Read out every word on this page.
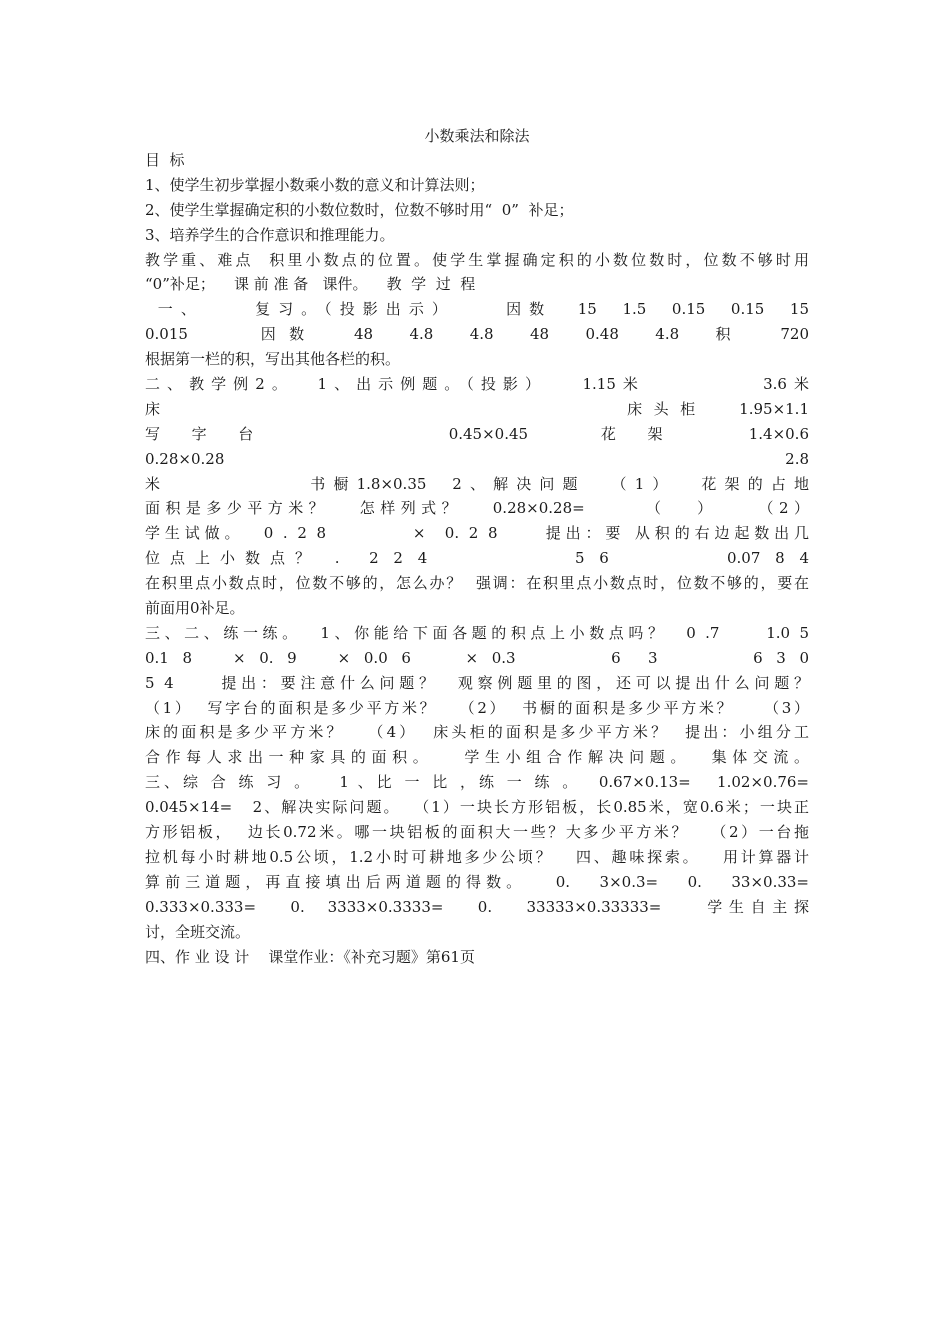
小数乘法和除法
目  标
1、使学生初步掌握小数乘小数的意义和计算法则；
2、使学生掌握确定积的小数位数时，位数不够时用“  0”  补足；
3、培养学生的合作意识和推理能力。
教学重、难点  积里小数点的位置。使学生掌握确定积的小数位数时，位数不够时用
“0”补足；    课 前 准 备   课件。    教  学  过  程
一、    复习。（投影出示）    因数  15  1.5  0.15  0.15  15
0.015    因数  48  4.8  4.8  48  0.48  4.8  积  720
根据第一栏的积，写出其他各栏的积。
二、教学例2。  1、出示例题。（投影）   1.15米          3.6米
床                            床头柜  1.95×1.1
写 字 台          0.45×0.45    花 架    1.4×0.6
0.28×0.28                               2.8
米           书橱1.8×0.35  2、解决问题  （1）  花架的占地
面积是多少平方米？   怎样列式？   0.28×0.28=      （   ）    （2）
学生试做。  0 . 2 8         ×  0. 2 8     提出：要 从积的右边起数出几
位点上小数点？ .  2 2 4          5 6        0.07 8 4
在积里点小数点时，位数不够的，怎么办？  强调：在积里点小数点时，位数不够的，要在
前面用0补足。
三、二、练一练。  1、你能给下面各题的积点上小数点吗？  0 .7     1.0 5
0.1 8   × 0. 9   × 0.0 6    × 0.3       6  3       6 3 0
5 4     提出：要注意什么问题？  观察例题里的图，还可以提出什么问题？
（1）  写字台的面积是多少平方米？   （2）  书橱的面积是多少平方米？    （3）
床的面积是多少平方米？   （4）  床头柜的面积是多少平方米？  提出：小组分工
合作每人求出一种家具的面积。   学生小组合作解决问题。  集体交流。
三、综 合 练 习 。   1 、比 一 比 ，练 一 练 。  0.67×0.13=   1.02×0.76=
0.045×14=   2、解决实际问题。  （1）一块长方形铝板，长0.85米，宽0.6米；一块正
方形铝板，  边长0.72米。哪一块铝板的面积大一些？大多少平方米？   （2）一台拖
拉机每小时耕地0.5公顷，1.2小时可耕地多少公顷？   四、趣味探索。   用计算器计
算前三道题，再直接填出后两道题的得数。   0.   3×0.3=   0.   33×0.33=
0.333×0.333=   0.  3333×0.3333=   0.   33333×0.33333=    学生自主探
讨，全班交流。
四、作 业 设 计    课堂作业：《补充习题》第61页
